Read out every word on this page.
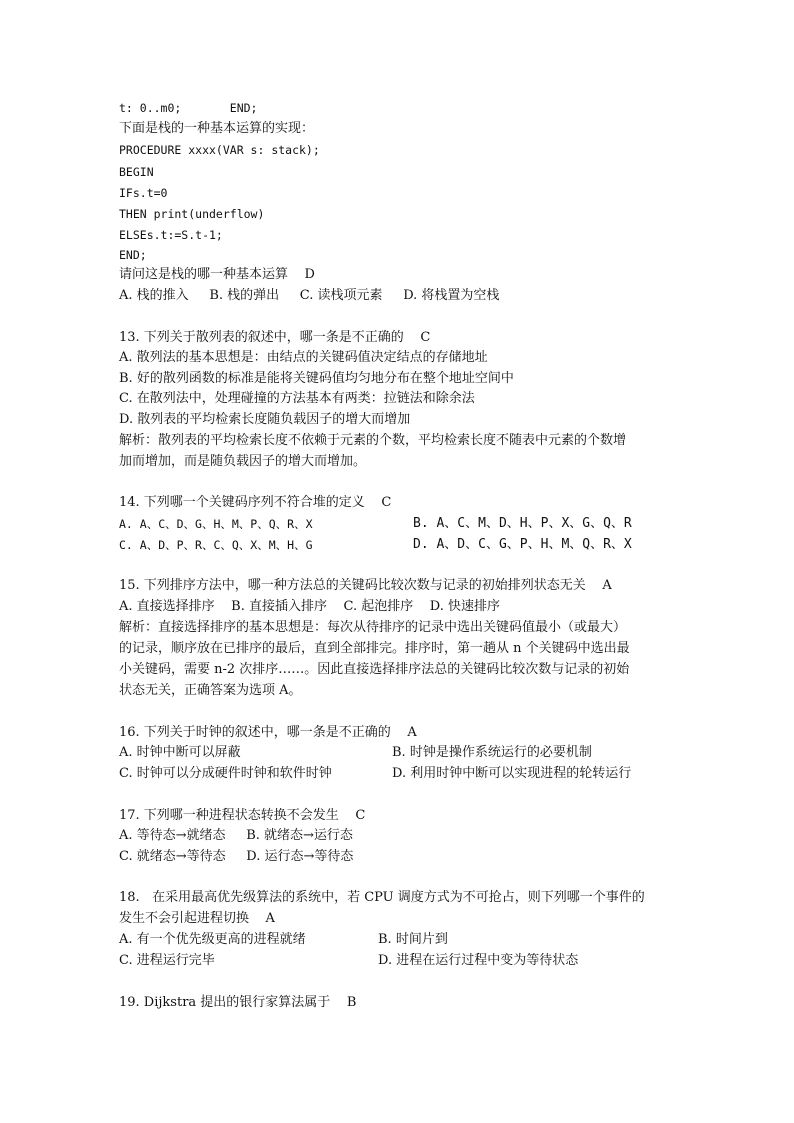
t: 0..m0;       END;
下面是栈的一种基本运算的实现：
PROCEDURE xxxx(VAR s: stack);
BEGIN
IFs.t=0
THEN print(underflow)
ELSEs.t:=S.t-1;
END;
请问这是栈的哪一种基本运算    D
A. 栈的推入     B. 栈的弹出     C. 读栈项元素     D. 将栈置为空栈
13. 下列关于散列表的叙述中，哪一条是不正确的    C
A. 散列法的基本思想是：由结点的关键码值决定结点的存储地址
B. 好的散列函数的标准是能将关键码值均匀地分布在整个地址空间中
C. 在散列法中，处理碰撞的方法基本有两类：拉链法和除余法
D. 散列表的平均检索长度随负载因子的增大而增加
解析：散列表的平均检索长度不依赖于元素的个数，平均检索长度不随表中元素的个数增
加而增加，而是随负载因子的增大而增加。
14. 下列哪一个关键码序列不符合堆的定义    C
A. A、C、D、G、H、M、P、Q、R、X	B. A、C、M、D、H、P、X、G、Q、R
C. A、D、P、R、C、Q、X、M、H、G	D. A、D、C、G、P、H、M、Q、R、X
15. 下列排序方法中，哪一种方法总的关键码比较次数与记录的初始排列状态无关    A
A. 直接选择排序    B. 直接插入排序    C. 起泡排序    D. 快速排序
解析：直接选择排序的基本思想是：每次从待排序的记录中选出关键码值最小（或最大）
的记录，顺序放在已排序的最后，直到全部排完。排序时，第一趟从 n 个关键码中选出最
小关键码，需要 n-2 次排序……。因此直接选择排序法总的关键码比较次数与记录的初始
状态无关，正确答案为选项 A。
16. 下列关于时钟的叙述中，哪一条是不正确的    A
A. 时钟中断可以屏蔽	B. 时钟是操作系统运行的必要机制
C. 时钟可以分成硬件时钟和软件时钟	D. 利用时钟中断可以实现进程的轮转运行
17. 下列哪一种进程状态转换不会发生    C
A. 等待态→就绪态     B. 就绪态→运行态
C. 就绪态→等待态     D. 运行态→等待态
18.   在采用最高优先级算法的系统中，若 CPU 调度方式为不可抢占，则下列哪一个事件的
发生不会引起进程切换    A
A. 有一个优先级更高的进程就绪	B. 时间片到
C. 进程运行完毕	D. 进程在运行过程中变为等待状态
19. Dijkstra 提出的银行家算法属于    B
